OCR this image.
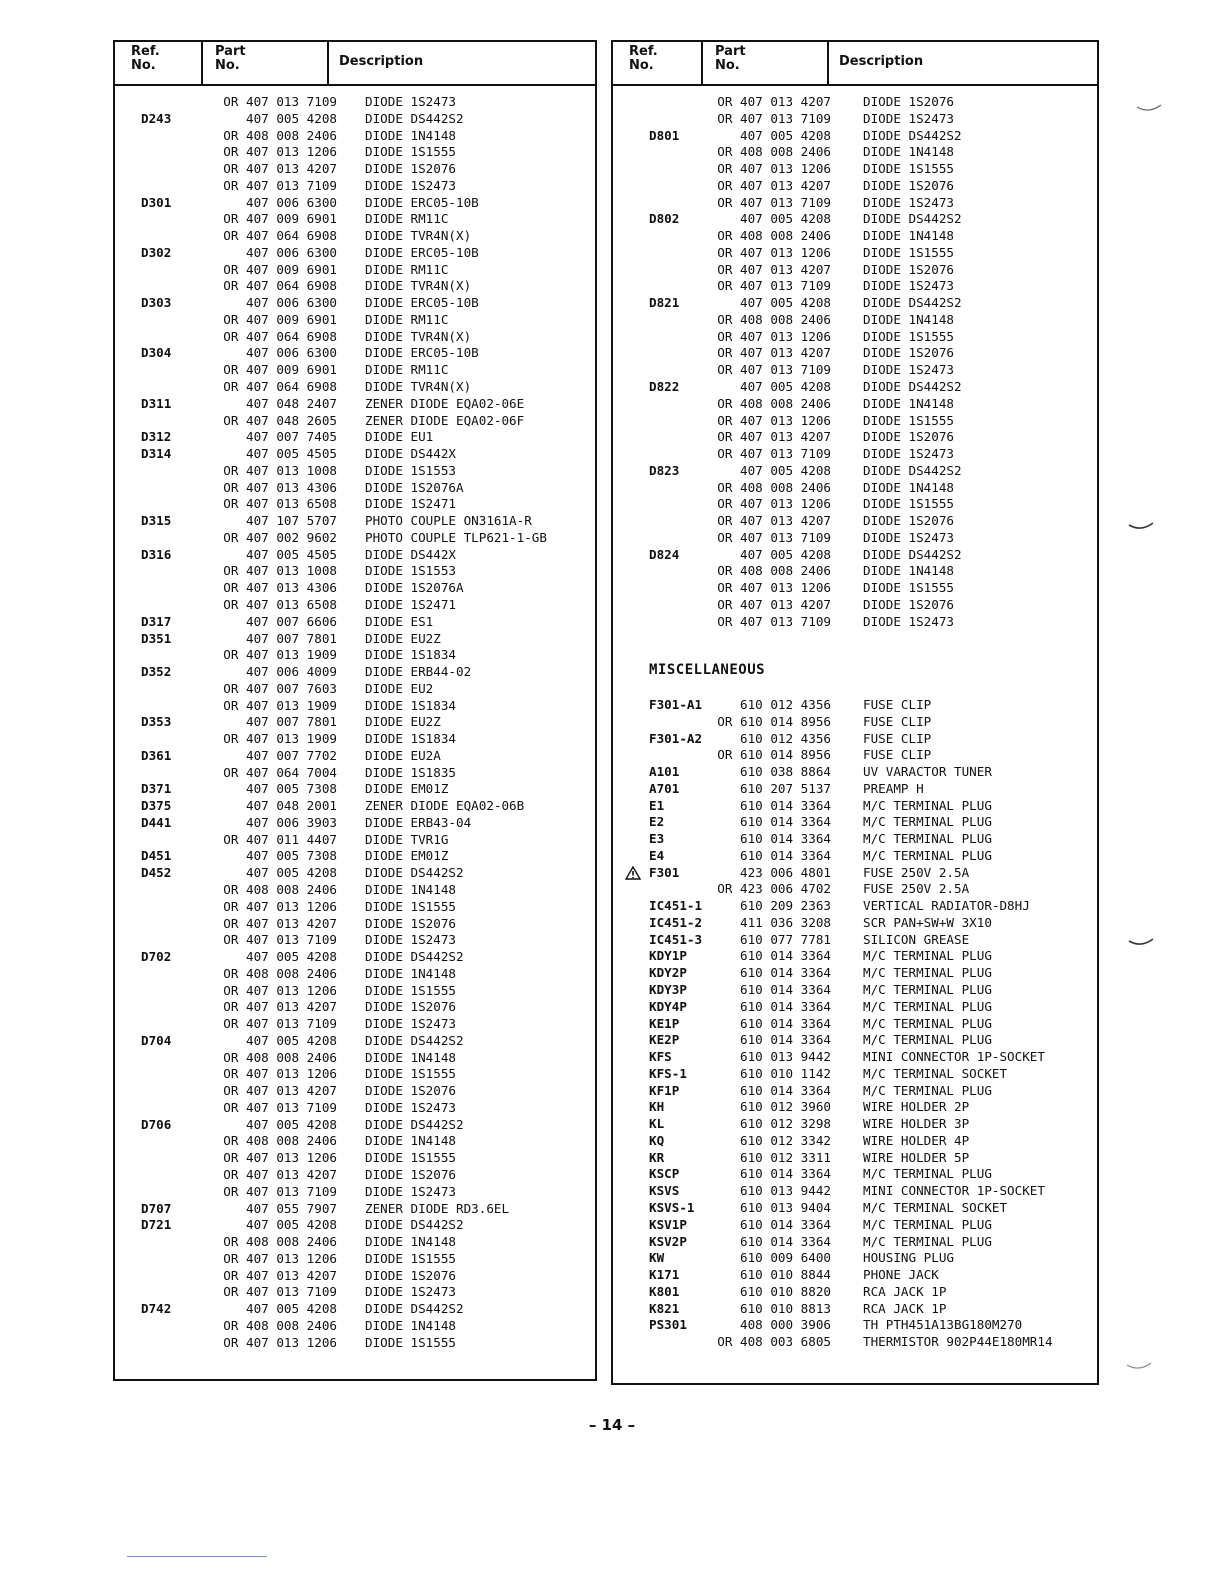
Ref.
No.
Part
No.	Description
OR 407 013 7109 DIODE 1S2473
D243	407 005 4208 DIODE DS442S2
OR 408 008 2406 DIODE 1N4148
OR 407 013 1206 DIODE 1S1555
OR 407 013 4207 DIODE 1S2076
OR 407 013 7109 DIODE 1S2473
D301	407 006 6300 DIODE ERC05-10B
OR 407 009 6901 DIODE RM11C
OR 407 064 6908 DIODE TVR4N(X)
D302	407 006 6300 DIODE ERC05-10B
OR 407 009 6901 DIODE RM11C
OR 407 064 6908 DIODE TVR4N(X)
D303	407 006 6300 DIODE ERC05-10B
OR 407 009 6901 DIODE RM11C
OR 407 064 6908 DIODE TVR4N(X)
D304	407 006 6300 DIODE ERC05-10B
OR 407 009 6901 DIODE RM11C
OR 407 064 6908 DIODE TVR4N(X)
D311	407 048 2407 ZENER DIODE EQA02-06E
OR 407 048 2605 ZENER DIODE EQA02-06F
D312	407 007 7405 DIODE EU1
D314	407 005 4505 DIODE DS442X
OR 407 013 1008 DIODE 1S1553
OR 407 013 4306 DIODE 1S2076A
OR 407 013 6508 DIODE 1S2471
D315	407 107 5707 PHOTO COUPLE ON3161A-R
OR 407 002 9602 PHOTO COUPLE TLP621-1-GB
D316	407 005 4505 DIODE DS442X
OR 407 013 1008 DIODE 1S1553
OR 407 013 4306 DIODE 1S2076A
OR 407 013 6508 DIODE 1S2471
D317	407 007 6606 DIODE ES1
D351	407 007 7801 DIODE EU2Z
OR 407 013 1909 DIODE 1S1834
D352	407 006 4009 DIODE ERB44-02
OR 407 007 7603 DIODE EU2
OR 407 013 1909 DIODE 1S1834
D353	407 007 7801 DIODE EU2Z
OR 407 013 1909 DIODE 1S1834
D361	407 007 7702 DIODE EU2A
OR 407 064 7004 DIODE 1S1835
D371	407 005 7308 DIODE EM01Z
D375	407 048 2001 ZENER DIODE EQA02-06B
D441	407 006 3903 DIODE ERB43-04
OR 407 011 4407 DIODE TVR1G
D451	407 005 7308 DIODE EM01Z
D452	407 005 4208 DIODE DS442S2
OR 408 008 2406 DIODE 1N4148
OR 407 013 1206 DIODE 1S1555
OR 407 013 4207 DIODE 1S2076
OR 407 013 7109 DIODE 1S2473
D702	407 005 4208 DIODE DS442S2
OR 408 008 2406 DIODE 1N4148
OR 407 013 1206 DIODE 1S1555
OR 407 013 4207 DIODE 1S2076
OR 407 013 7109 DIODE 1S2473
D704	407 005 4208 DIODE DS442S2
OR 408 008 2406 DIODE 1N4148
OR 407 013 1206 DIODE 1S1555
OR 407 013 4207 DIODE 1S2076
OR 407 013 7109 DIODE 1S2473
D706	407 005 4208 DIODE DS442S2
OR 408 008 2406 DIODE 1N4148
OR 407 013 1206 DIODE 1S1555
OR 407 013 4207 DIODE 1S2076
OR 407 013 7109 DIODE 1S2473
D707	407 055 7907 ZENER DIODE RD3.6EL
D721	407 005 4208 DIODE DS442S2
OR 408 008 2406 DIODE 1N4148
OR 407 013 1206 DIODE 1S1555
OR 407 013 4207 DIODE 1S2076
OR 407 013 7109 DIODE 1S2473
D742	407 005 4208 DIODE DS442S2
OR 408 008 2406 DIODE 1N4148
OR 407 013 1206 DIODE 1S1555
Ref.
No.
Part
No.	Description
OR 407 013 4207	DIODE 1S2076
OR 407 013 7109	DIODE 1S2473
D801	407 005 4208	DIODE DS442S2
OR 408 008 2406	DIODE 1N4148
OR 407 013 1206	DIODE 1S1555
OR 407 013 4207	DIODE 1S2076
OR 407 013 7109	DIODE 1S2473
D802	407 005 4208	DIODE DS442S2
OR 408 008 2406	DIODE 1N4148
OR 407 013 1206	DIODE 1S1555
OR 407 013 4207	DIODE 1S2076
OR 407 013 7109	DIODE 1S2473
D821	407 005 4208	DIODE DS442S2
OR 408 008 2406	DIODE 1N4148
OR 407 013 1206	DIODE 1S1555
OR 407 013 4207	DIODE 1S2076
OR 407 013 7109	DIODE 1S2473
D822	407 005 4208	DIODE DS442S2
OR 408 008 2406	DIODE 1N4148
OR 407 013 1206	DIODE 1S1555
OR 407 013 4207	DIODE 1S2076
OR 407 013 7109	DIODE 1S2473
D823	407 005 4208	DIODE DS442S2
OR 408 008 2406	DIODE 1N4148
OR 407 013 1206	DIODE 1S1555
OR 407 013 4207	DIODE 1S2076
OR 407 013 7109	DIODE 1S2473
D824	407 005 4208	DIODE DS442S2
OR 408 008 2406	DIODE 1N4148
OR 407 013 1206	DIODE 1S1555
OR 407 013 4207	DIODE 1S2076
OR 407 013 7109	DIODE 1S2473
MISCELLANEOUS
F301-A1	610 012 4356	FUSE CLIP
OR 610 014 8956	FUSE CLIP
F301-A2	610 012 4356	FUSE CLIP
OR 610 014 8956	FUSE CLIP
A101	610 038 8864	UV VARACTOR TUNER
A701	610 207 5137	PREAMP H
E1	610 014 3364	M/C TERMINAL PLUG
E2	610 014 3364	M/C TERMINAL PLUG
E3	610 014 3364	M/C TERMINAL PLUG
E4	610 014 3364	M/C TERMINAL PLUG
F301	423 006 4801	FUSE 250V 2.5A
OR 423 006 4702	FUSE 250V 2.5A
IC451-1	610 209 2363	VERTICAL RADIATOR-D8HJ
IC451-2	411 036 3208	SCR PAN+SW+W 3X10
IC451-3	610 077 7781	SILICON GREASE
KDY1P	610 014 3364	M/C TERMINAL PLUG
KDY2P	610 014 3364	M/C TERMINAL PLUG
KDY3P	610 014 3364	M/C TERMINAL PLUG
KDY4P	610 014 3364	M/C TERMINAL PLUG
KE1P	610 014 3364	M/C TERMINAL PLUG
KE2P	610 014 3364	M/C TERMINAL PLUG
KFS	610 013 9442	MINI CONNECTOR 1P-SOCKET
KFS-1	610 010 1142	M/C TERMINAL SOCKET
KF1P	610 014 3364	M/C TERMINAL PLUG
KH	610 012 3960	WIRE HOLDER 2P
KL	610 012 3298	WIRE HOLDER 3P
KQ	610 012 3342	WIRE HOLDER 4P
KR	610 012 3311	WIRE HOLDER 5P
KSCP	610 014 3364	M/C TERMINAL PLUG
KSVS	610 013 9442	MINI CONNECTOR 1P-SOCKET
KSVS-1	610 013 9404	M/C TERMINAL SOCKET
KSV1P	610 014 3364	M/C TERMINAL PLUG
KSV2P	610 014 3364	M/C TERMINAL PLUG
KW	610 009 6400	HOUSING PLUG
K171	610 010 8844	PHONE JACK
K801	610 010 8820	RCA JACK 1P
K821	610 010 8813	RCA JACK 1P
PS301	408 000 3906	TH PTH451A13BG180M270
OR 408 003 6805	THERMISTOR 902P44E180MR14
– 14 –
